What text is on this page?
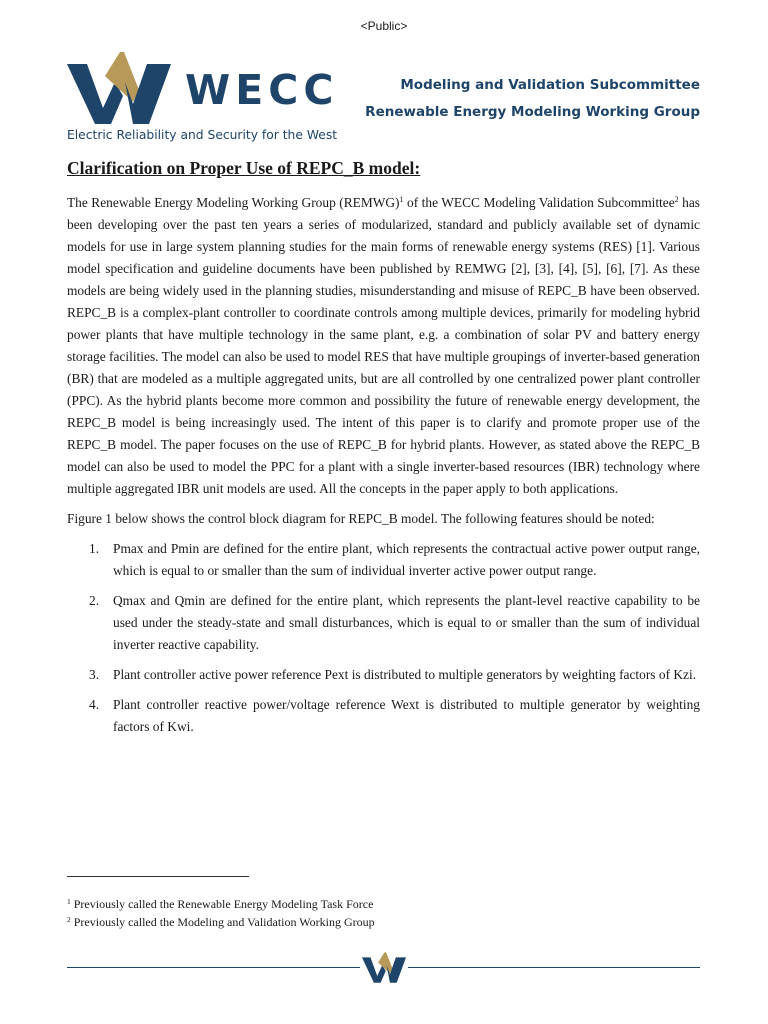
<Public>
WECC
Electric Reliability and Security for the West
Modeling and Validation Subcommittee
Renewable Energy Modeling Working Group
Clarification on Proper Use of REPC_B model:

The Renewable Energy Modeling Working Group (REMWG)$^1$ of the WECC Modeling Validation Subcommittee$^2$ has been developing over the past ten years a series of modularized, standard and publicly available set of dynamic models for use in large system planning studies for the main forms of renewable energy systems (RES) [1]. Various model specification and guideline documents have been published by REMWG [2], [3], [4], [5], [6], [7]. As these models are being widely used in the planning studies, misunderstanding and misuse of REPC_B have been observed. REPC_B is a complex-plant controller to coordinate controls among multiple devices, primarily for modeling hybrid power plants that have multiple technology in the same plant, e.g. a combination of solar PV and battery energy storage facilities. The model can also be used to model RES that have multiple groupings of inverter-based generation (BR) that are modeled as a multiple aggregated units, but are all controlled by one centralized power plant controller (PPC). As the hybrid plants become more common and possibility the future of renewable energy development, the REPC_B model is being increasingly used. The intent of this paper is to clarify and promote proper use of the REPC_B model. The paper focuses on the use of REPC_B for hybrid plants. However, as stated above the REPC_B model can also be used to model the PPC for a plant with a single inverter-based resources (IBR) technology where multiple aggregated IBR unit models are used. All the concepts in the paper apply to both applications.

Figure 1 below shows the control block diagram for REPC_B model. The following features should be noted:

1. Pmax and Pmin are defined for the entire plant, which represents the contractual active power output range, which is equal to or smaller than the sum of individual inverter active power output range.
2. Qmax and Qmin are defined for the entire plant, which represents the plant-level reactive capability to be used under the steady-state and small disturbances, which is equal to or smaller than the sum of individual inverter reactive capability.
3. Plant controller active power reference Pext is distributed to multiple generators by weighting factors of Kzi.
4. Plant controller reactive power/voltage reference Wext is distributed to multiple generator by weighting factors of Kwi.
$^1$ Previously called the Renewable Energy Modeling Task Force
$^2$ Previously called the Modeling and Validation Working Group
